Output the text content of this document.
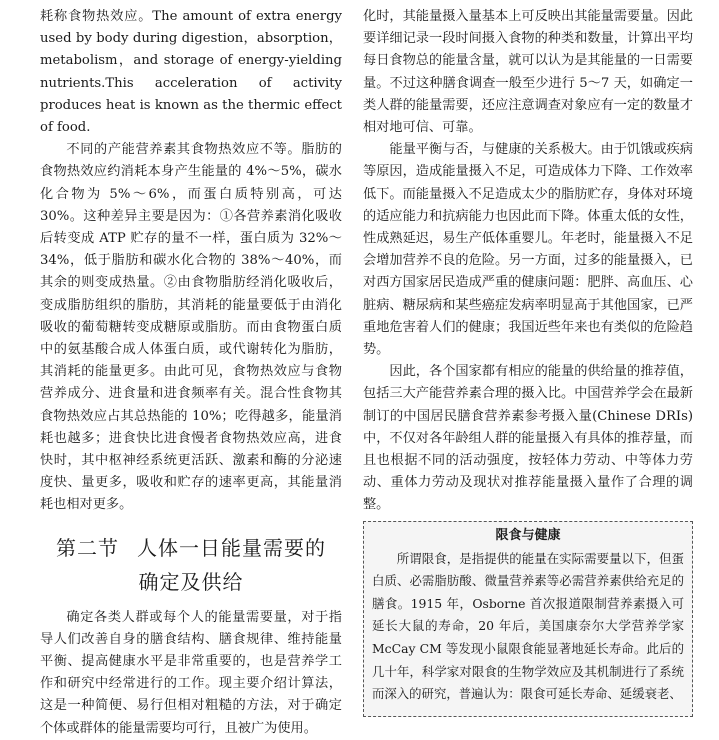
耗称食物热效应。The amount of extra energy used by body during digestion，absorption，metabolism，and storage of energy-yielding nutrients.This acceleration of activity produces heat is known as the thermic effect of food.

不同的产能营养素其食物热效应不等。脂肪的食物热效应约消耗本身产生能量的 4%～5%，碳水化合物为 5%～6%，而蛋白质特别高，可达 30%。这种差异主要是因为：①各营养素消化吸收后转变成 ATP 贮存的量不一样，蛋白质为 32%～34%，低于脂肪和碳水化合物的 38%～40%，而其余的则变成热量。②由食物脂肪经消化吸收后，变成脂肪组织的脂肪，其消耗的能量要低于由消化吸收的葡萄糖转变成糖原或脂肪。而由食物蛋白质中的氨基酸合成人体蛋白质，或代谢转化为脂肪，其消耗的能量更多。由此可见，食物热效应与食物营养成分、进食量和进食频率有关。混合性食物其食物热效应占其总热能的 10%；吃得越多，能量消耗也越多；进食快比进食慢者食物热效应高，进食快时，其中枢神经系统更活跃、激素和酶的分泌速度快、量更多，吸收和贮存的速率更高，其能量消耗也相对更多。

第二节 人体一日能量需要的
确定及供给

确定各类人群或每个人的能量需要量，对于指导人们改善自身的膳食结构、膳食规律、维持能量平衡、提高健康水平是非常重要的，也是营养学工作和研究中经常进行的工作。现主要介绍计算法，这是一种简便、易行但相对粗糙的方法，对于确定个体或群体的能量需要均可行，且被广为使用。

化时，其能量摄入量基本上可反映出其能量需要量。因此要详细记录一段时间摄入食物的种类和数量，计算出平均每日食物总的能量含量，就可以认为是其能量的一日需要量。不过这种膳食调查一般至少进行 5～7 天，如确定一类人群的能量需要，还应注意调查对象应有一定的数量才相对地可信、可靠。

能量平衡与否，与健康的关系极大。由于饥饿或疾病等原因，造成能量摄入不足，可造成体力下降、工作效率低下。而能量摄入不足造成太少的脂肪贮存，身体对环境的适应能力和抗病能力也因此而下降。体重太低的女性，性成熟延迟，易生产低体重婴儿。年老时，能量摄入不足会增加营养不良的危险。另一方面，过多的能量摄入，已对西方国家居民造成严重的健康问题：肥胖、高血压、心脏病、糖尿病和某些癌症发病率明显高于其他国家，已严重地危害着人们的健康；我国近些年来也有类似的危险趋势。

因此，各个国家都有相应的能量的供给量的推荐值，包括三大产能营养素合理的摄入比。中国营养学会在最新制订的中国居民膳食营养素参考摄入量(Chinese DRIs)中，不仅对各年龄组人群的能量摄入有具体的推荐量，而且也根据不同的活动强度，按轻体力劳动、中等体力劳动、重体力劳动及现状对推荐能量摄入量作了合理的调整。

限食与健康

所谓限食，是指提供的能量在实际需要量以下，但蛋白质、必需脂肪酸、微量营养素等必需营养素供给充足的膳食。1915 年，Osborne 首次报道限制营养素摄入可延长大鼠的寿命，20 年后，美国康奈尔大学营养学家 McCay CM 等发现小鼠限食能显著地延长寿命。此后的几十年，科学家对限食的生物学效应及其机制进行了系统而深入的研究，普遍认为：限食可延长寿命、延缓衰老、
